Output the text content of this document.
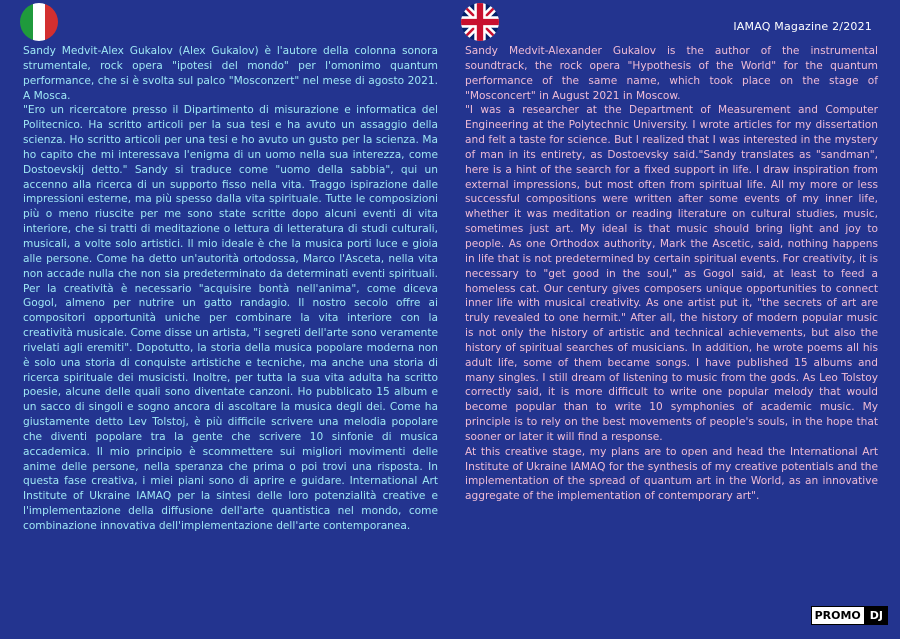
IAMAQ Magazine 2/2021

Sandy Medvit-Alex Gukalov (Alex Gukalov) è l'autore della colonna sonora strumentale, rock opera "ipotesi del mondo" per l'omonimo quantum performance, che si è svolta sul palco "Mosconzert" nel mese di agosto 2021. A Mosca.

"Ero un ricercatore presso il Dipartimento di misurazione e informatica del Politecnico. Ha scritto articoli per la sua tesi e ha avuto un assaggio della scienza. Ho scritto articoli per una tesi e ho avuto un gusto per la scienza. Ma ho capito che mi interessava l'enigma di un uomo nella sua interezza, come Dostoevskij detto." Sandy si traduce come "uomo della sabbia", qui un accenno alla ricerca di un supporto fisso nella vita. Traggo ispirazione dalle impressioni esterne, ma più spesso dalla vita spirituale. Tutte le composizioni più o meno riuscite per me sono state scritte dopo alcuni eventi di vita interiore, che si tratti di meditazione o lettura di letteratura di studi culturali, musicali, a volte solo artistici. Il mio ideale è che la musica porti luce e gioia alle persone. Come ha detto un'autorità ortodossa, Marco l'Asceta, nella vita non accade nulla che non sia predeterminato da determinati eventi spirituali. Per la creatività è necessario "acquisire bontà nell'anima", come diceva Gogol, almeno per nutrire un gatto randagio. Il nostro secolo offre ai compositori opportunità uniche per combinare la vita interiore con la creatività musicale. Come disse un artista, "i segreti dell'arte sono veramente rivelati agli eremiti". Dopotutto, la storia della musica popolare moderna non è solo una storia di conquiste artistiche e tecniche, ma anche una storia di ricerca spirituale dei musicisti. Inoltre, per tutta la sua vita adulta ha scritto poesie, alcune delle quali sono diventate canzoni. Ho pubblicato 15 album e un sacco di singoli e sogno ancora di ascoltare la musica degli dei. Come ha giustamente detto Lev Tolstoj, è più difficile scrivere una melodia popolare che diventi popolare tra la gente che scrivere 10 sinfonie di musica accademica. Il mio principio è scommettere sui migliori movimenti delle anime delle persone, nella speranza che prima o poi trovi una risposta. In questa fase creativa, i miei piani sono di aprire e guidare. International Art Institute of Ukraine IAMAQ per la sintesi delle loro potenzialità creative e l'implementazione della diffusione dell'arte quantistica nel mondo, come combinazione innovativa dell'implementazione dell'arte contemporanea.

Sandy Medvit-Alexander Gukalov is the author of the instrumental soundtrack, the rock opera "Hypothesis of the World" for the quantum performance of the same name, which took place on the stage of "Mosconcert" in August 2021 in Moscow.

"I was a researcher at the Department of Measurement and Computer Engineering at the Polytechnic University. I wrote articles for my dissertation and felt a taste for science. But I realized that I was interested in the mystery of man in its entirety, as Dostoevsky said."Sandy translates as "sandman", here is a hint of the search for a fixed support in life. I draw inspiration from external impressions, but most often from spiritual life. All my more or less successful compositions were written after some events of my inner life, whether it was meditation or reading literature on cultural studies, music, sometimes just art. My ideal is that music should bring light and joy to people. As one Orthodox authority, Mark the Ascetic, said, nothing happens in life that is not predetermined by certain spiritual events. For creativity, it is necessary to "get good in the soul," as Gogol said, at least to feed a homeless cat. Our century gives composers unique opportunities to connect inner life with musical creativity. As one artist put it, "the secrets of art are truly revealed to one hermit." After all, the history of modern popular music is not only the history of artistic and technical achievements, but also the history of spiritual searches of musicians. In addition, he wrote poems all his adult life, some of them became songs. I have published 15 albums and many singles. I still dream of listening to music from the gods. As Leo Tolstoy correctly said, it is more difficult to write one popular melody that would become popular than to write 10 symphonies of academic music. My principle is to rely on the best movements of people's souls, in the hope that sooner or later it will find a response.

At this creative stage, my plans are to open and head the International Art Institute of Ukraine IAMAQ for the synthesis of my creative potentials and the implementation of the spread of quantum art in the World, as an innovative aggregate of the implementation of contemporary art".

PROMO DJ
